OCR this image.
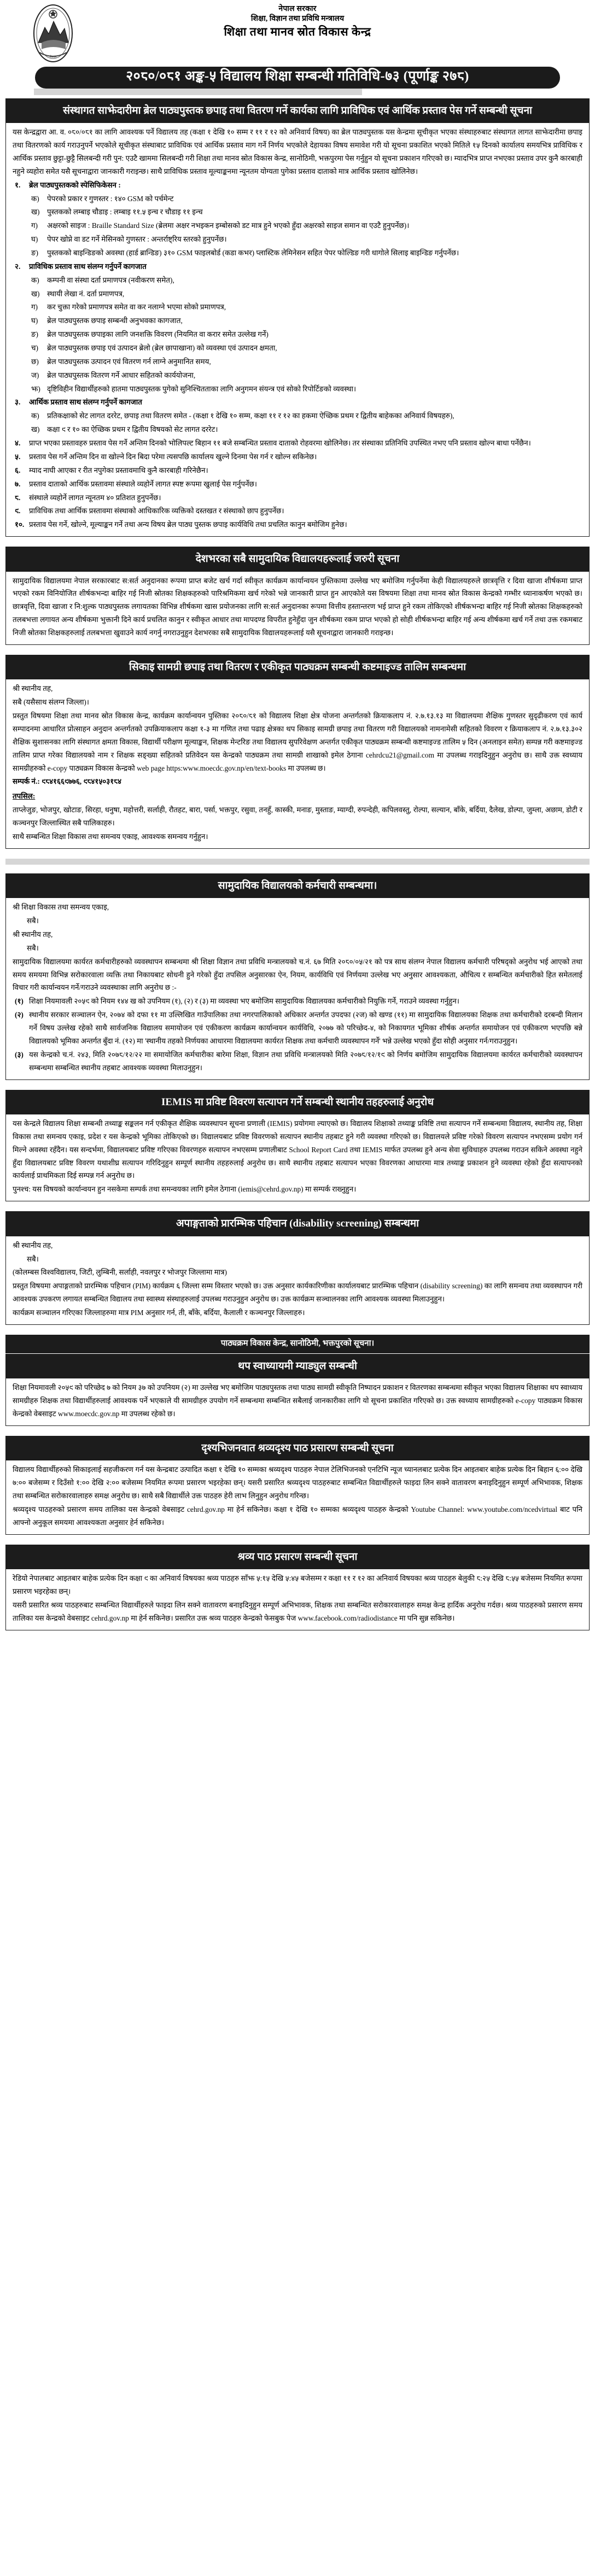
नेपाल
नेपाल सरकार
शिक्षा, विज्ञान तथा प्रविधि मन्त्रालय
शिक्षा तथा मानव स्रोत विकास केन्द्र
२०८०/०८१ अङ्क-५ विद्यालय शिक्षा सम्बन्धी गतिविधि-७३ (पूर्णाङ्क २७८)
संस्थागत साझेदारीमा ब्रेल पाठ्यपुस्तक छपाइ तथा वितरण गर्ने कार्यका लागि प्राविधिक एवं आर्थिक प्रस्ताव पेस गर्ने सम्बन्धी सूचना

यस केन्द्रद्वारा आ. व. ०८०/०८१ का लागि आवश्यक पर्ने विद्यालय तह (कक्षा १ देखि १० सम्म र ११ र १२ को अनिवार्य विषय) का ब्रेल पाठ्यपुस्तक यस केन्द्रमा सूचीकृत भएका संस्थाहरुबाट संस्थागत लागत साझेदारीमा छपाइ तथा वितरणको कार्य गराउनुपर्ने भएकोले सूचीकृत संस्थाबाट प्राविधिक एवं आर्थिक प्रस्ताव माग गर्ने निर्णय भएकोले देहायका विषय समावेश गरी यो सूचना प्रकाशित भएको मितिले १५ दिनको कार्यालय समयभित्र प्राविधिक र आर्थिक प्रस्ताव छुट्टा-छुट्टै सिलबन्दी गरी पुन: एउटै खाममा सिलबन्दी गरी शिक्षा तथा मानव स्रोत विकास केन्द्र, सानोठिमी, भक्तपुरमा पेस गर्नुहुन यो सूचना प्रकाशन गरिएको छ। म्यादभित्र प्राप्त नभएका प्रस्ताव उपर कुनै कारबाही नहुने व्यहोरा समेत यसै सूचनाद्वारा जानकारी गराइन्छ। साथै प्राविधिक प्रस्ताव मूल्याङ्कनमा न्यूनतम योग्यता पुगेका प्रस्ताव दाताको मात्र आर्थिक प्रस्ताव खोलिनेछ।

१.	ब्रेल पाठ्यपुस्तकको स्पेसिफिकेसन :
क)	पेपरको प्रकार र गुणस्तर : १४० GSM को पर्चमेन्ट
ख)	पुस्तकको लम्बाइ चौडाइ : लम्बाइ ११.५ इन्च र चौडाइ ११ इन्च
ग)	अक्षरको साइज : Braille Standard Size (ब्रेलमा अक्षर नभइकन इम्बोसको डट मात्र हुने भएको हुँदा अक्षरको साइज समान वा एउटै हुनुपर्नेछ)।
घ)	पेपर खोप्ने वा डट गर्ने मेसिनको गुणस्तर : अन्तर्राष्ट्रिय स्तरको हुनुपर्नेछ।
ङ)	पुस्तकको बाइन्डिङको अवस्था (हार्ड ब्रान्डिङ) ३१० GSM फाइलबोर्ड (कडा कभर) प्लास्टिक लेमिनेसन सहित पेपर फोल्डिङ गरी धागोले सिलाइ बाइन्डिङ गर्नुपर्नेछ।
२.	प्राविधिक प्रस्ताव साथ संलग्न गर्नुपर्ने कागजात
क)	कम्पनी वा संस्था दर्ता प्रमाणपत्र (नवीकरण समेत),
ख)	स्थायी लेखा नं. दर्ता प्रमाणपत्र,
ग)	कर चुक्ता गरेको प्रमाणपत्र समेत वा कर नलाग्ने भएमा सोको प्रमाणपत्र,
घ)	ब्रेल पाठ्यपुस्तक छपाइ सम्बन्धी अनुभवका कागजात,
ङ)	ब्रेल पाठ्यपुस्तक छपाइका लागि जनशक्ति विवरण (नियमित वा करार समेत उल्लेख गर्ने)
च)	ब्रेल पाठ्यपुस्तक छपाइ एवं उत्पादन ब्रेलो (ब्रेल छापाखाना) को व्यवस्था एवं उत्पादन क्षमता,
छ)	ब्रेल पाठ्यपुस्तक उत्पादन एवं वितरण गर्न लाग्ने अनुमानित समय,
ज)	ब्रेल पाठ्यपुस्तक वितरण गर्ने आधार सहितको कार्ययोजना,
झ) दृष्टिविहीन विद्यार्थीहरुको हातमा पाठ्यपुस्तक पुगेको सुनिश्चितताका लागि अनुगमन संयन्त्र एवं सोको रिपोर्टिङको व्यवस्था।
३.	आर्थिक प्रस्ताव साथ संलग्न गर्नुपर्ने कागजात
क)	प्रतिकक्षाको सेट लागत दररेट, छपाइ तथा वितरण समेत - (कक्षा १ देखि १० सम्म, कक्षा ११ र १२ का हकमा ऐच्छिक प्रथम र द्वितीय बाहेकका अनिवार्य विषयहरु),
ख)	कक्षा ९ र १० का ऐच्छिक प्रथम र द्वितीय विषयको सेट लागत दररेट।
४.	प्राप्त भएका प्रस्तावहरु प्रस्ताव पेस गर्ने अन्तिम दिनको भोलिपल्ट बिहान ११ बजे सम्बन्धित प्रस्ताव दाताको रोहवरमा खोलिनेछ। तर संस्थाका प्रतिनिधि उपस्थित नभए पनि प्रस्ताव खोल्न बाधा पर्नेछैन।
५.	प्रस्ताव पेस गर्ने अन्तिम दिन वा खोल्ने दिन बिदा परेमा त्यसपछि कार्यालय खुल्ने दिनमा पेस गर्न र खोल्न सकिनेछ।
६.	म्याद नाघी आएका र रीत नपुगेका प्रस्तावमाथि कुनै कारबाही गरिनेछैन।
७.	प्रस्ताव दाताको आर्थिक प्रस्तावमा संस्थाले व्यहोर्ने लागत स्पष्ट रूपमा खुलाई पेस गर्नुपर्नेछ।
८.	संस्थाले व्यहोर्ने लागत न्यूनतम ४० प्रतिशत हुनुपर्नेछ।
९.	प्राविधिक तथा आर्थिक प्रस्तावमा संस्थाको आधिकारिक व्यक्तिको दस्तखत र संस्थाको छाप हुनुपर्नेछ।
१०. प्रस्ताव पेस गर्ने, खोल्ने, मूल्याङ्कन गर्ने तथा अन्य विषय ब्रेल पाठ्य पुस्तक छपाइ कार्यविधि तथा प्रचलित कानुन बमोजिम हुनेछ।
देशभरका सबै सामुदायिक विद्यालयहरूलाई जरुरी सूचना

सामुदायिक विद्यालयमा नेपाल सरकारबाट स:सर्त अनुदानका रूपमा प्राप्त बजेट खर्च गर्दा स्वीकृत कार्यक्रम कार्यान्वयन पुस्तिकामा उल्लेख भए बमोजिम गर्नुपर्नेमा केही विद्यालयहरुले छात्रवृत्ति र दिवा खाजा शीर्षकमा प्राप्त भएको रकम विनियोजित शीर्षकभन्दा बाहिर गई निजी स्रोतका शिक्षकहरुको पारिश्रमिकमा खर्च गरेको भन्ने जानकारी प्राप्त हुन आएकोले यस विषयमा शिक्षा तथा मानव स्रोत विकास केन्द्रको गम्भीर ध्यानाकर्षण भएको छ। छात्रवृत्ति, दिवा खाजा र नि:शुल्क पाठ्यपुस्तक लगायतका विभिन्न शीर्षकमा खास प्रयोजनका लागि स:सर्त अनुदानका रूपमा वित्तीय हस्तान्तरण भई प्राप्त हुने रकम तोकिएको शीर्षकभन्दा बाहिर गई निजी स्रोतका शिक्षकहरुको तलबभत्ता लगायत अन्य शीर्षकमा भुक्तानी दिने कार्य प्रचलित कानुन र स्वीकृत आधार तथा मापदण्ड विपरीत हुनेहुँदा जुन शीर्षकमा रकम प्राप्त भएको हो सोही शीर्षकभन्दा बाहिर गई अन्य शीर्षकमा खर्च गर्ने तथा उक्त रकमबाट निजी स्रोतका शिक्षकहरुलाई तलबभत्ता खुवाउने कार्य नगर्नु नगराउनुहुन देशभरका सबै सामुदायिक विद्यालयहरूलाई यसै सूचनाद्वारा जानकारी गराइन्छ।

सिकाइ सामग्री छपाइ तथा वितरण र एकीकृत पाठ्यक्रम सम्बन्धी कष्टमाइज्ड तालिम सम्बन्धमा

श्री स्थानीय तह,

सबै (यसैसाथ संलग्न जिल्ला)।

प्रस्तुत विषयमा शिक्षा तथा मानव स्रोत विकास केन्द्र, कार्यक्रम कार्यान्वयन पुस्तिका २०८०/८१ को विद्यालय शिक्षा क्षेत्र योजना अन्तर्गतको क्रियाकलाप नं. २.७.१३.१३ मा विद्यालयमा शैक्षिक गुणस्तर सुदृढीकरण एवं कार्य सम्पादनमा आधारित प्रोत्साहन अनुदान अन्तर्गतको उपक्रियाकलाप कक्षा १-३ मा गणित तथा पढाइ क्षेत्रका थप सिकाइ सामग्री छपाइ तथा वितरण गरी विद्यालयको नामनामेसी सहितको विवरण र क्रियाकलाप नं. २.७.१३.३०२ शैक्षिक सुशासनका लागि संस्थागत क्षमता विकास, विद्यार्थी परीक्षण मूल्याङ्कन, शिक्षक मेन्टरिङ तथा विद्यालय सुपरिवेक्षण अन्तर्गत एकीकृत पाठ्यक्रम सम्बन्धी कष्टमाइज्ड तालिम ५ दिन (अनलाइन समेत) सम्पन्न गरी कष्टमाइज्ड तालिम प्राप्त गरेका विद्यालयको नाम र शिक्षक सङ्ख्या सहितको प्रतिवेदन यस केन्द्रको पाठ्यक्रम तथा सामग्री शाखाको इमेल ठेगाना cehrdcu21@gmail.com मा उपलब्ध गराइदिनुहुन अनुरोध छ। साथै उक्त स्वध्याय सामग्रीहरुको e-copy पाठ्यक्रम विकास केन्द्रको web page https:www.moecdc.gov.np/en/text-books मा उपलब्ध छ।

सम्पर्क नं.: ९८४१६६९७७६, ९८४१५०३१८४

तपसिल:

ताप्लेजुङ, भोजपुर, खोटाङ, सिरहा, धनुषा, महोत्तरी, सर्लाही, रौतहट, बारा, पर्सा, भक्तपुर, रसुवा, तनहुँ, कास्की, मनाङ, मुस्ताङ, म्याग्दी, रुपन्देही, कपिलवस्तु, रोल्पा, सल्यान, बाँके, बर्दिया, दैलेख, डोल्पा, जुम्ला, अछाम, डोटी र कञ्चनपुर जिल्लास्थित सबै पालिकाहरु।

साथै सम्बन्धित शिक्षा विकास तथा समन्वय एकाइ, आवश्यक समन्वय गर्नुहुन।

सामुदायिक विद्यालयको कर्मचारी सम्बन्धमा।

श्री शिक्षा विकास तथा समन्वय एकाइ,

सबै।

श्री स्थानीय तह,

सबै।

सामुदायिक विद्यालयमा कार्यरत कर्मचारीहरुको व्यवस्थापन सम्बन्धमा श्री शिक्षा विज्ञान तथा प्रविधि मन्त्रालयको च.नं. ६७ मिति २०८०/०५/२१ को पत्र साथ संलग्न नेपाल विद्यालय कर्मचारी परिषद्को अनुरोध भई आएको तथा समय समयमा विभिन्न सरोकारवाला व्यक्ति तथा निकायबाट सोधनी हुने गरेको हुँदा तपसिल अनुसारका ऐन, नियम, कार्यविधि एवं निर्णयमा उल्लेख भए अनुसार आवश्यकता, औचित्य र सम्बन्धित कर्मचारीको हित समेतलाई विचार गरी कार्यान्वयन गर्ने/गराउने व्यवस्थाका लागि अनुरोध छ :-

(१) शिक्षा नियमावली २०५९ को नियम १४४ ख को उपनियम (१), (२) र (३) मा व्यवस्था भए बमोजिम सामुदायिक विद्यालयका कर्मचारीको नियुक्ति गर्ने, गराउने व्यवस्था गर्नुहुन।
(२) स्थानीय सरकार सञ्चालन ऐन, २०७४ को दफा ११ मा उल्लिखित गाउँपालिका तथा नगरपालिकाको अधिकार अन्तर्गत उपदफा (२ज) को खण्ड (११) मा सामुदायिक विद्यालयका शिक्षक तथा कर्मचारीको दरबन्दी मिलान गर्ने विषय उल्लेख रहेको साथै सार्वजनिक विद्यालय समायोजन एवं एकीकरण कार्यक्रम कार्यान्वयन कार्यविधि, २०७७ को परिच्छेद-४, को निकायगत भूमिका शीर्षक अन्तर्गत समायोजन एवं एकीकरण भएपछि बन्ने विद्यालयको भूमिका अन्तर्गत बुँदा नं. (१२) मा 'स्थानीय तहको निर्णयका आधारमा विद्यालयमा कार्यरत शिक्षक तथा कर्मचारी व्यवस्थापन गर्ने' भन्ने उल्लेख भएको हुँदा सोही अनुसार गर्न/गराउनुहुन।
(३) यस केन्द्रको च.नं. २४३, मिति २०७८/१२/२२ मा समायोजित कर्मचारीका बारेमा शिक्षा, विज्ञान तथा प्रविधि मन्त्रालयको मिति २०७८/१२/१९ को निर्णय बमोजिम सामुदायिक विद्यालयमा कार्यरत कर्मचारीको व्यवस्थापन सम्बन्धमा सम्बन्धित स्थानीय तहबाट आवश्यक व्यवस्था मिलाउनुहुन।
IEMIS मा प्रविष्ट विवरण सत्यापन गर्ने सम्बन्धी स्थानीय तहहरुलाई अनुरोध

यस केन्द्रले विद्यालय शिक्षा सम्बन्धी तथ्याङ्क सङ्कलन गर्न एकीकृत शैक्षिक व्यवस्थापन सूचना प्रणाली (IEMIS) प्रयोगमा ल्याएको छ। विद्यालय शिक्षाको तथ्याङ्क प्रविष्टि तथा सत्यापन गर्ने सम्बन्धमा विद्यालय, स्थानीय तह, शिक्षा विकास तथा समन्वय एकाइ, प्रदेश र यस केन्द्रको भूमिका तोकिएको छ। विद्यालयबाट प्रविष्ट विवरणको सत्यापन स्थानीय तहबाट हुने गरी व्यवस्था गरिएको छ। विद्यालयले प्रविष्ट गरेको विवरण सत्यापन नभएसम्म प्रयोग गर्न मिल्ने अवस्था रहँदैन। यस सन्दर्भमा, विद्यालयबाट प्रविष्ट गरिएका विवरणहरु सत्यापन नभएसम्म प्रणालीबाट School Report Card तथा IEMIS मार्फत उपलब्ध हुने अन्य सेवा सुविधाहरु उपलब्ध गराउन सकिने अवस्था नहुने हुँदा विद्यालयबाट प्रविष्ट विवरण यथाशीघ्र सत्यापन गरिदिनुहुन सम्पूर्ण स्थानीय तहहरुलाई अनुरोध छ। साथै स्थानीय तहबाट सत्यापन भएका विवरणका आधारमा मात्र तथ्याङ्क प्रकाशन हुने व्यवस्था रहेको हुँदा सत्यापनको कार्यलाई प्राथमिकता दिई सम्पन्न गर्न अनुरोध छ।

पुनश्च: यस विषयको कार्यान्वयन हुन नसकेमा सम्पर्क तथा समन्वयका लागि इमेल ठेगाना (iemis@cehrd.gov.np) मा सम्पर्क राख्नुहुन।

अपाङ्गताको प्रारम्भिक पहिचान (disability screening) सम्बन्धमा

श्री स्थानीय तह,

सबै।

(कोलम्बस विश्वविद्यालय, जिटी, लुम्बिनी, सर्लाही, नवलपुर र भोजपुर जिल्लामा मात्र)

प्रस्तुत विषयमा अपाङ्गताको प्रारम्भिक पहिचान (PIM) कार्यक्रम ६ जिल्ला सम्म विस्तार भएको छ। उक्त अनुसार कार्यकारिणीका कार्यालयबाट प्रारम्भिक पहिचान (disability screening) का लागि समन्वय तथा व्यवस्थापन गरी आवश्यक उपकरण लगायत सम्बन्धित विद्यालय तथा स्वास्थ्य संस्थाहरुलाई उपलब्ध गराउनुहुन अनुरोध छ। उक्त कार्यक्रम सञ्चालनका लागि आवश्यक व्यवस्था मिलाउनुहुन।

कार्यक्रम सञ्चालन गरिएका जिल्लाहरुमा मात्र PIM अनुसार गर्न, ती, बाँके, बर्दिया, कैलाली र कञ्चनपुर जिल्लाहरु।

पाठ्यक्रम विकास केन्द्र, सानोठिमी, भक्तपुरको सूचना।
थप स्वाध्यायमी म्याड्युल सम्बन्धी

शिक्षा नियमावली २०५९ को परिच्छेद ७ को नियम ३७ को उपनियम (२) मा उल्लेख भए बमोजिम पाठ्यपुस्तक तथा पाठ्य सामग्री स्वीकृति निष्पादन प्रकाशन र वितरणका सम्बन्धमा स्वीकृत भएका विद्यालय शिक्षाका थप स्वाध्याय सामग्रीहरु शिक्षक तथा विद्यार्थीहरुलाई आवश्यक पर्ने भएकाले यी सामग्रीहरु उपयोग गर्ने सम्बन्धमा सम्बन्धित सबैलाई जानकारीका लागि यो सूचना प्रकाशित गरिएको छ। उक्त स्वध्याय सामग्रीहरुको e-copy पाठ्यक्रम विकास केन्द्रको वेबसाइट www.moecdc.gov.np मा उपलब्ध रहेको छ।

दृश्यभिजनवात श्रव्यदृश्य पाठ प्रसारण सम्बन्धी सूचना

विद्यालय विद्यार्थीहरुको सिकाइलाई सहजीकरण गर्न यस केन्द्रबाट उत्पादित कक्षा १ देखि १० सम्मका श्रव्यदृश्य पाठहरु नेपाल टेलिभिजनको एनटिभि न्यूज च्यानलबाट प्रत्येक दिन आइतबार बाहेक प्रत्येक दिन बिहान ६:०० देखि ७:०० बजेसम्म र दिउँसो १:०० देखि २:०० बजेसम्म नियमित रूपमा प्रसारण भइरहेका छन्। यसरी प्रसारित श्रव्यदृश्य पाठहरुबाट सम्बन्धित विद्यार्थीहरुले फाइदा लिन सक्ने वातावरण बनाइदिनुहुन सम्पूर्ण अभिभावक, शिक्षक तथा सम्बन्धित सरोकारवालाहरु समक्ष अनुरोध छ। साथै सबै विद्यार्थीले उक्त पाठहरु हेरी लाभ लिनुहुन अनुरोध गरिन्छ।

श्रव्यदृश्य पाठहरुको प्रसारण समय तालिका यस केन्द्रको वेबसाइट cehrd.gov.np मा हेर्न सकिनेछ। कक्षा १ देखि १० सम्मका श्रव्यदृश्य पाठहरु केन्द्रको Youtube Channel: www.youtube.com/ncedvirtual बाट पनि आफ्नो अनुकूल समयमा आवश्यकता अनुसार हेर्न सकिनेछ।

श्रव्य पाठ प्रसारण सम्बन्धी सूचना

रेडियो नेपालबाट आइतबार बाहेक प्रत्येक दिन कक्षा ९ का अनिवार्य विषयका श्रव्य पाठहरु साँझ ५:१५ देखि ५:४५ बजेसम्म र कक्षा ११ र १२ का अनिवार्य विषयका श्रव्य पाठहरु बेलुकी ८:२५ देखि ८:५५ बजेसम्म नियमित रूपमा प्रसारण भइरहेका छन्।

यसरी प्रसारित श्रव्य पाठहरुबाट सम्बन्धित विद्यार्थीहरुले फाइदा लिन सक्ने वातावरण बनाइदिनुहुन सम्पूर्ण अभिभावक, शिक्षक तथा सम्बन्धित सरोकारवालाहरु समक्ष केन्द्र हार्दिक अनुरोध गर्दछ। श्रव्य पाठहरुको प्रसारण समय तालिका यस केन्द्रको वेबसाइट cehrd.gov.np मा हेर्न सकिनेछ। प्रसारित उक्त श्रव्य पाठहरु केन्द्रको फेसबुक पेज www.facebook.com/radiodistance मा पनि सुन्न सकिनेछ।
